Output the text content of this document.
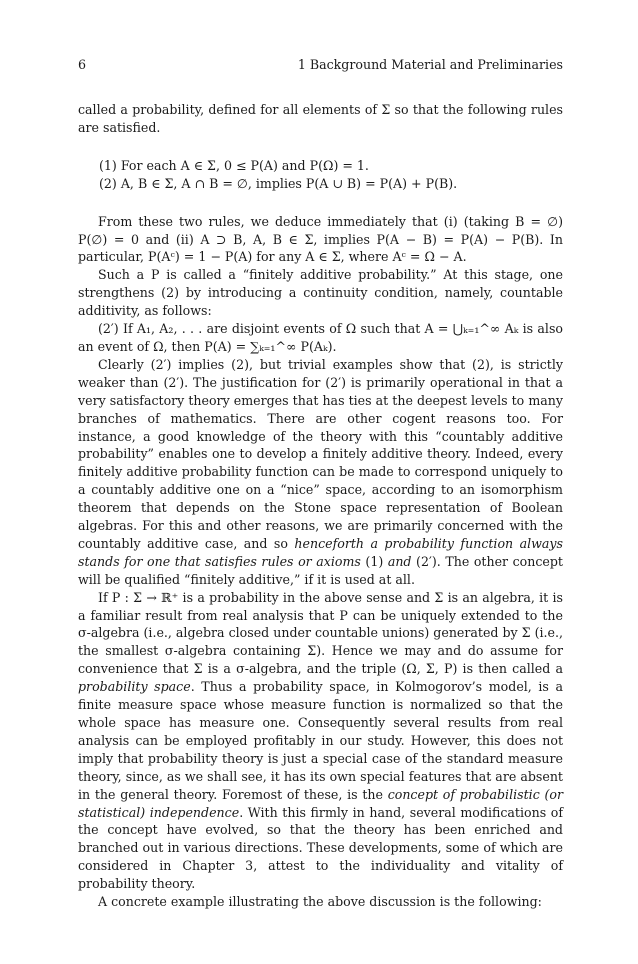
6	1 Background Material and Preliminaries

called a probability, defined for all elements of Σ so that the following rules are satisfied.

(1) For each A ∈ Σ, 0 ≤ P(A) and P(Ω) = 1.

(2) A, B ∈ Σ, A ∩ B = ∅, implies P(A ∪ B) = P(A) + P(B).

From these two rules, we deduce immediately that (i) (taking B = ∅) P(∅) = 0 and (ii) A ⊃ B, A, B ∈ Σ, implies P(A − B) = P(A) − P(B). In particular, P(Aᶜ) = 1 − P(A) for any A ∈ Σ, where Aᶜ = Ω − A.

Such a P is called a “finitely additive probability.” At this stage, one strengthens (2) by introducing a continuity condition, namely, countable additivity, as follows:

(2′) If A₁, A₂, . . . are disjoint events of Ω such that A = ⋃ₖ₌₁^∞ Aₖ is also an event of Ω, then P(A) = ∑ₖ₌₁^∞ P(Aₖ).

Clearly (2′) implies (2), but trivial examples show that (2), is strictly weaker than (2′). The justification for (2′) is primarily operational in that a very satisfactory theory emerges that has ties at the deepest levels to many branches of mathematics. There are other cogent reasons too. For instance, a good knowledge of the theory with this “countably additive probability” enables one to develop a finitely additive theory. Indeed, every finitely additive probability function can be made to correspond uniquely to a countably additive one on a “nice” space, according to an isomorphism theorem that depends on the Stone space representation of Boolean algebras. For this and other reasons, we are primarily concerned with the countably additive case, and so henceforth a probability function always stands for one that satisfies rules or axioms (1) and (2′). The other concept will be qualified “finitely additive,” if it is used at all.

If P : Σ → ℝ⁺ is a probability in the above sense and Σ is an algebra, it is a familiar result from real analysis that P can be uniquely extended to the σ-algebra (i.e., algebra closed under countable unions) generated by Σ (i.e., the smallest σ-algebra containing Σ). Hence we may and do assume for convenience that Σ is a σ-algebra, and the triple (Ω, Σ, P) is then called a probability space. Thus a probability space, in Kolmogorov’s model, is a finite measure space whose measure function is normalized so that the whole space has measure one. Consequently several results from real analysis can be employed profitably in our study. However, this does not imply that probability theory is just a special case of the standard measure theory, since, as we shall see, it has its own special features that are absent in the general theory. Foremost of these, is the concept of probabilistic (or statistical) independence. With this firmly in hand, several modifications of the concept have evolved, so that the theory has been enriched and branched out in various directions. These developments, some of which are considered in Chapter 3, attest to the individuality and vitality of probability theory.

A concrete example illustrating the above discussion is the following:
